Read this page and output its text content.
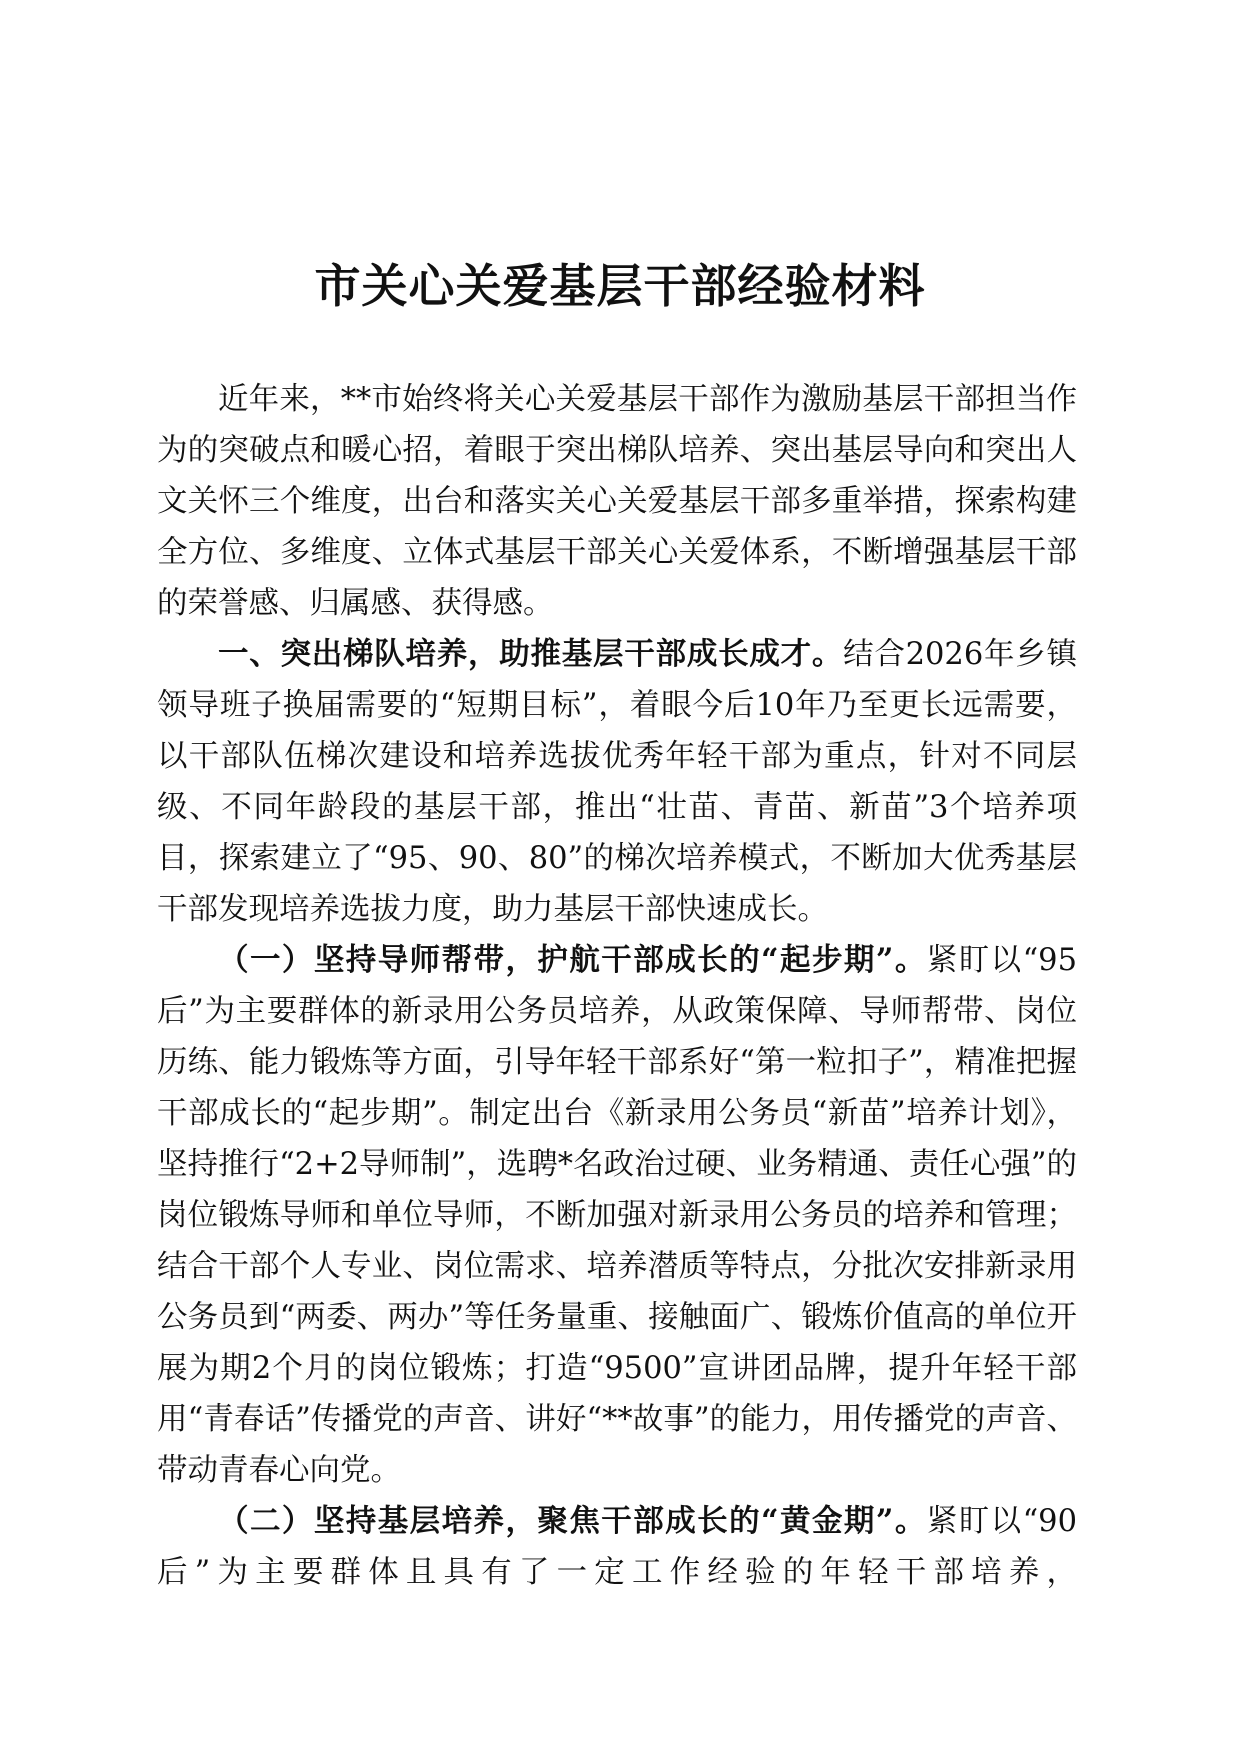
市关心关爱基层干部经验材料

近年来，**市始终将关心关爱基层干部作为激励基层干部担当作为的突破点和暖心招，着眼于突出梯队培养、突出基层导向和突出人文关怀三个维度，出台和落实关心关爱基层干部多重举措，探索构建全方位、多维度、立体式基层干部关心关爱体系，不断增强基层干部的荣誉感、归属感、获得感。

一、突出梯队培养，助推基层干部成长成才。结合2026年乡镇领导班子换届需要的“短期目标”，着眼今后10年乃至更长远需要，以干部队伍梯次建设和培养选拔优秀年轻干部为重点，针对不同层级、不同年龄段的基层干部，推出“壮苗、青苗、新苗”3个培养项目，探索建立了“95、90、80”的梯次培养模式，不断加大优秀基层干部发现培养选拔力度，助力基层干部快速成长。

（一）坚持导师帮带，护航干部成长的“起步期”。紧盯以“95后”为主要群体的新录用公务员培养，从政策保障、导师帮带、岗位历练、能力锻炼等方面，引导年轻干部系好“第一粒扣子”，精准把握干部成长的“起步期”。制定出台《新录用公务员“新苗”培养计划》，坚持推行“2+2导师制”，选聘*名政治过硬、业务精通、责任心强”的岗位锻炼导师和单位导师，不断加强对新录用公务员的培养和管理；结合干部个人专业、岗位需求、培养潜质等特点，分批次安排新录用公务员到“两委、两办”等任务量重、接触面广、锻炼价值高的单位开展为期2个月的岗位锻炼；打造“9500”宣讲团品牌，提升年轻干部用“青春话”传播党的声音、讲好“**故事”的能力，用传播党的声音、带动青春心向党。

（二）坚持基层培养，聚焦干部成长的“黄金期”。紧盯以“90后”为主要群体且具有了一定工作经验的年轻干部培养，
